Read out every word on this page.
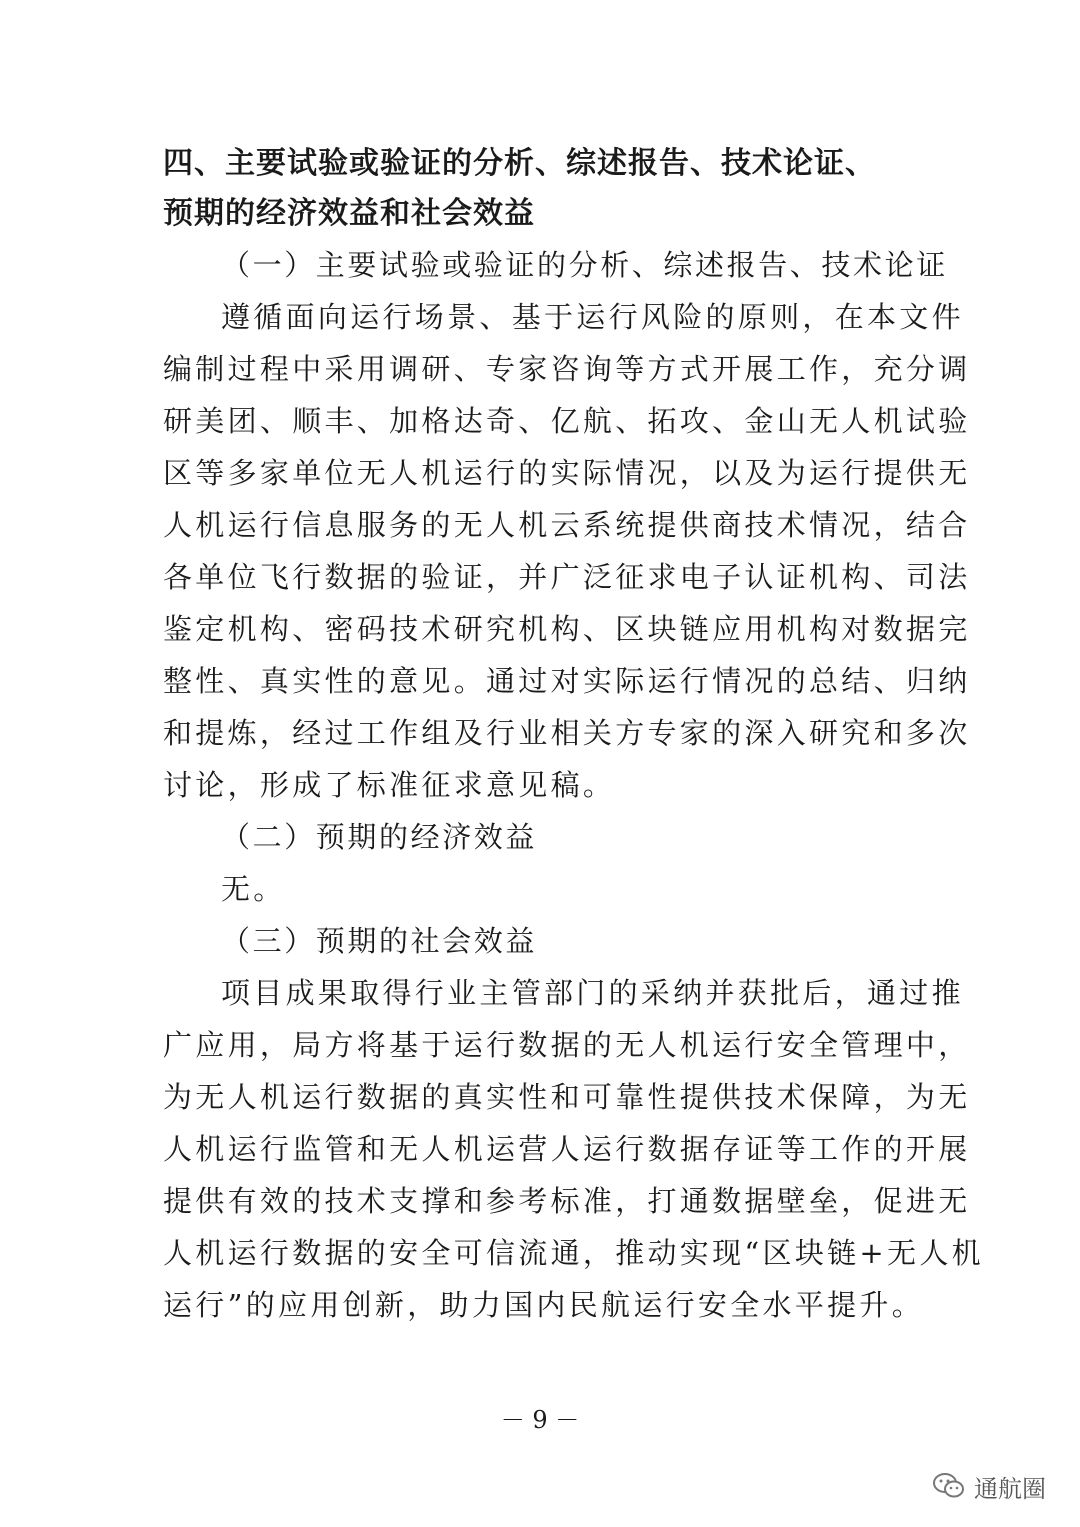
四、主要试验或验证的分析、综述报告、技术论证、

预期的经济效益和社会效益

（一）主要试验或验证的分析、综述报告、技术论证

遵循面向运行场景、基于运行风险的原则，在本文件

编制过程中采用调研、专家咨询等方式开展工作，充分调

研美团、顺丰、加格达奇、亿航、拓攻、金山无人机试验

区等多家单位无人机运行的实际情况，以及为运行提供无

人机运行信息服务的无人机云系统提供商技术情况，结合

各单位飞行数据的验证，并广泛征求电子认证机构、司法

鉴定机构、密码技术研究机构、区块链应用机构对数据完

整性、真实性的意见。通过对实际运行情况的总结、归纳

和提炼，经过工作组及行业相关方专家的深入研究和多次

讨论，形成了标准征求意见稿。

（二）预期的经济效益

无。

（三）预期的社会效益

项目成果取得行业主管部门的采纳并获批后，通过推

广应用，局方将基于运行数据的无人机运行安全管理中，

为无人机运行数据的真实性和可靠性提供技术保障，为无

人机运行监管和无人机运营人运行数据存证等工作的开展

提供有效的技术支撑和参考标准，打通数据壁垒，促进无

人机运行数据的安全可信流通，推动实现“区块链+无人机

运行”的应用创新，助力国内民航运行安全水平提升。

－ 9 －
通航圈
